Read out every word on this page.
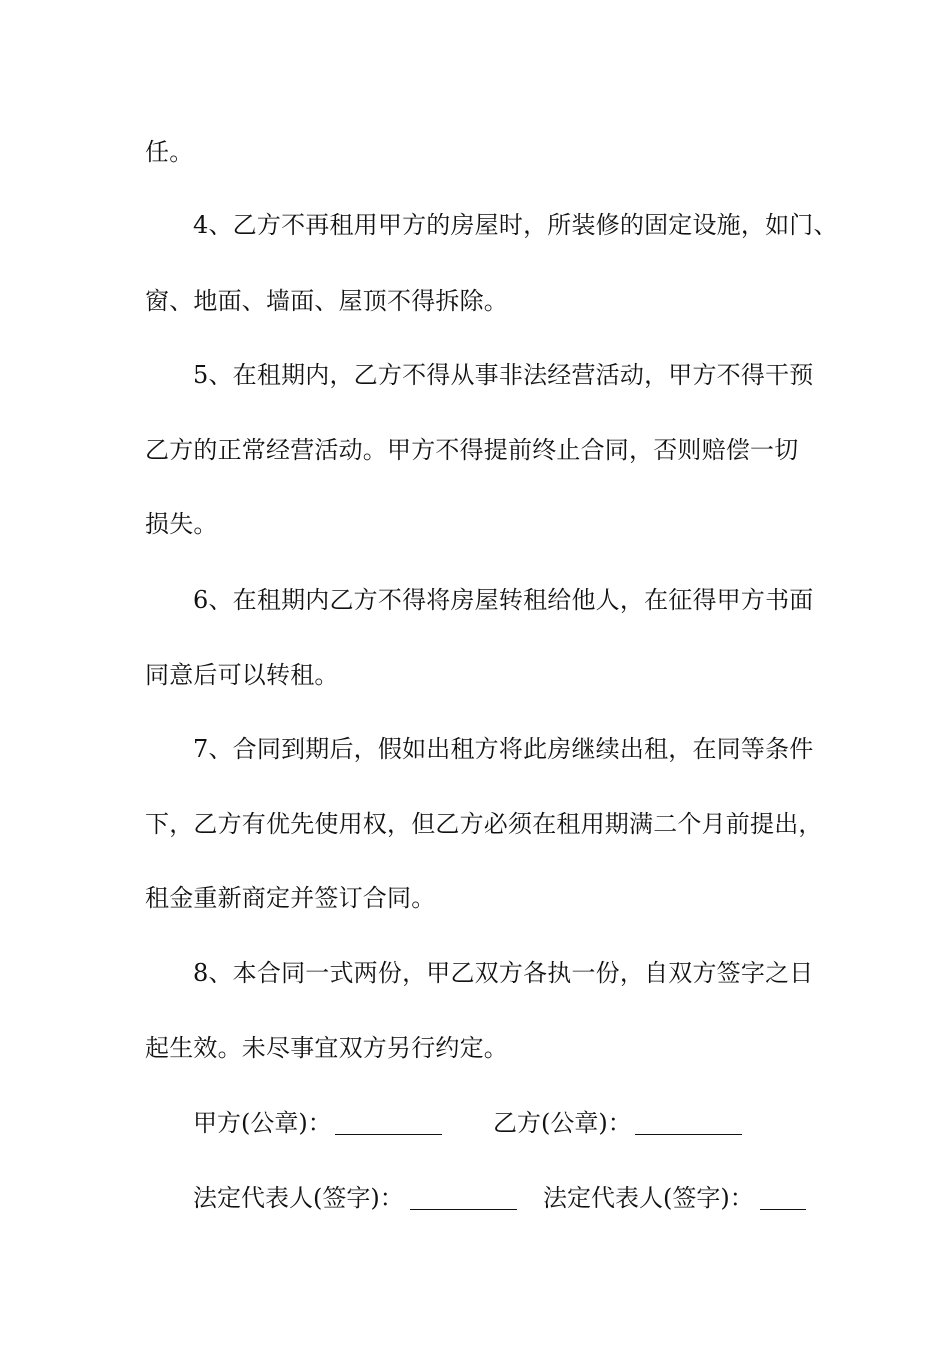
任。
4、乙方不再租用甲方的房屋时，所装修的固定设施，如门、
窗、地面、墙面、屋顶不得拆除。
5、在租期内，乙方不得从事非法经营活动，甲方不得干预
乙方的正常经营活动。甲方不得提前终止合同，否则赔偿一切
损失。
6、在租期内乙方不得将房屋转租给他人，在征得甲方书面
同意后可以转租。
7、合同到期后，假如出租方将此房继续出租，在同等条件
下，乙方有优先使用权，但乙方必须在租用期满二个月前提出，
租金重新商定并签订合同。
8、本合同一式两份，甲乙双方各执一份，自双方签字之日
起生效。未尽事宜双方另行约定。

甲方(公章)：

	乙方(公章)：

法定代表人(签字)：

	法定代表人(签字)：
